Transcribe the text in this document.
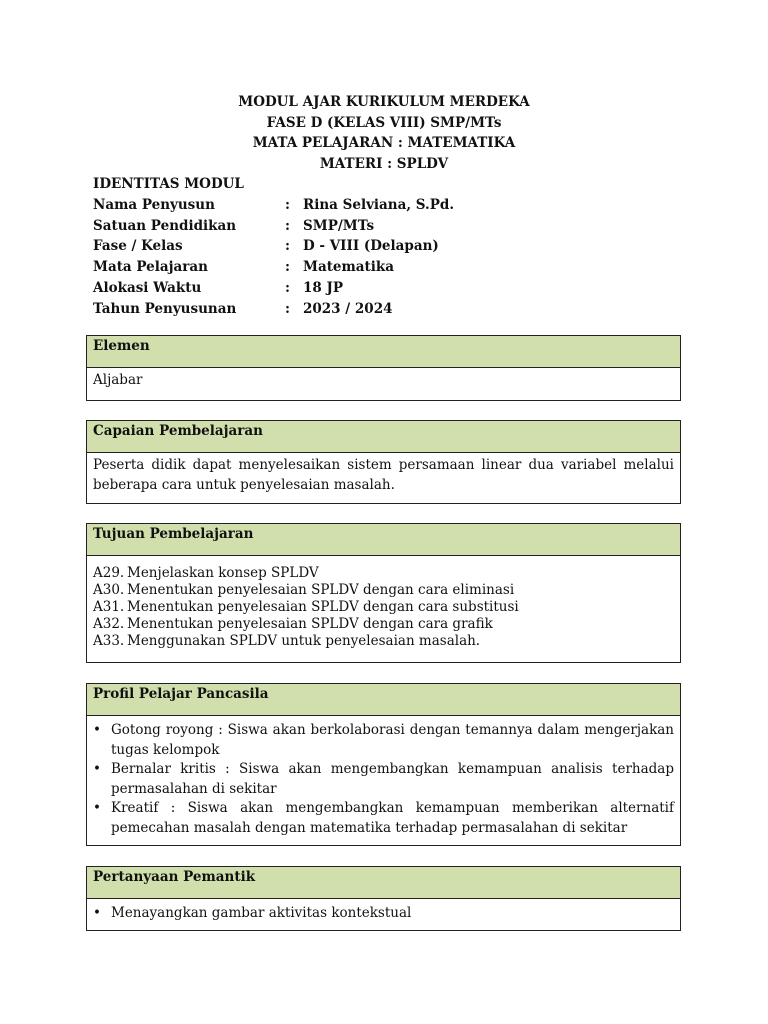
MODUL AJAR KURIKULUM MERDEKA
FASE D (KELAS VIII) SMP/MTs
MATA PELAJARAN : MATEMATIKA
MATERI : SPLDV
IDENTITAS MODUL
Nama Penyusun	: Rina Selviana, S.Pd.
Satuan Pendidikan	: SMP/MTs
Fase / Kelas	: D - VIII (Delapan)
Mata Pelajaran	: Matematika
Alokasi Waktu	: 18 JP
Tahun Penyusunan	: 2023 / 2024
Elemen
Aljabar
Capaian Pembelajaran
Peserta didik dapat menyelesaikan sistem persamaan linear dua variabel melalui beberapa cara untuk penyelesaian masalah.
Tujuan Pembelajaran
A29. Menjelaskan konsep SPLDV
A30. Menentukan penyelesaian SPLDV dengan cara eliminasi
A31. Menentukan penyelesaian SPLDV dengan cara substitusi
A32. Menentukan penyelesaian SPLDV dengan cara grafik
A33. Menggunakan SPLDV untuk penyelesaian masalah.
Profil Pelajar Pancasila
• Gotong royong : Siswa akan berkolaborasi dengan temannya dalam mengerjakan tugas kelompok
• Bernalar kritis : Siswa akan mengembangkan kemampuan analisis terhadap permasalahan di sekitar
• Kreatif : Siswa akan mengembangkan kemampuan memberikan alternatif pemecahan masalah dengan matematika terhadap permasalahan di sekitar
Pertanyaan Pemantik
• Menayangkan gambar aktivitas kontekstual
